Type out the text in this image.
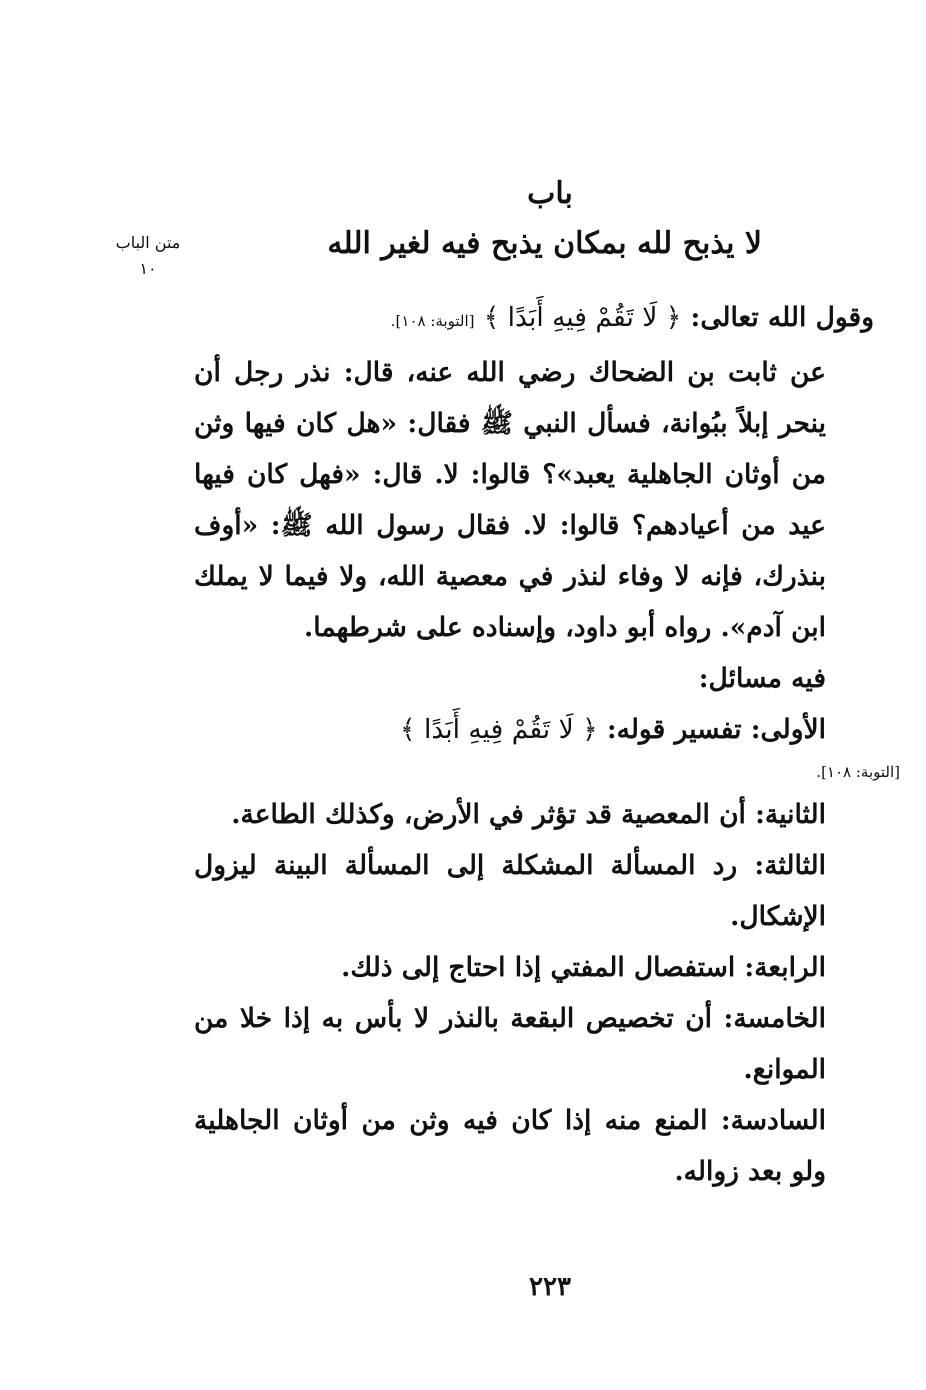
باب
لا يذبح لله بمكان يذبح فيه لغير الله
متن الباب
١٠

وقول الله تعالى: ﴿ لَا تَقُمْ فِيهِ أَبَدًا ﴾ [التوبة: ١٠٨].

عن ثابت بن الضحاك رضي الله عنه، قال: نذر رجل أن ينحر إبلاً ببُوانة، فسأل النبي ﷺ فقال: «هل كان فيها وثن من أوثان الجاهلية يعبد»؟ قالوا: لا. قال: «فهل كان فيها عيد من أعيادهم؟ قالوا: لا. فقال رسول الله ﷺ: «أوف بنذرك، فإنه لا وفاء لنذر في معصية الله، ولا فيما لا يملك ابن آدم». رواه أبو داود، وإسناده على شرطهما.

فيه مسائل:

الأولى: تفسير قوله: ﴿ لَا تَقُمْ فِيهِ أَبَدًا ﴾

[التوبة: ١٠٨].

الثانية: أن المعصية قد تؤثر في الأرض، وكذلك الطاعة.

الثالثة: رد المسألة المشكلة إلى المسألة البينة ليزول الإشكال.

الرابعة: استفصال المفتي إذا احتاج إلى ذلك.

الخامسة: أن تخصيص البقعة بالنذر لا بأس به إذا خلا من الموانع.

السادسة: المنع منه إذا كان فيه وثن من أوثان الجاهلية ولو بعد زواله.

٢٢٣
